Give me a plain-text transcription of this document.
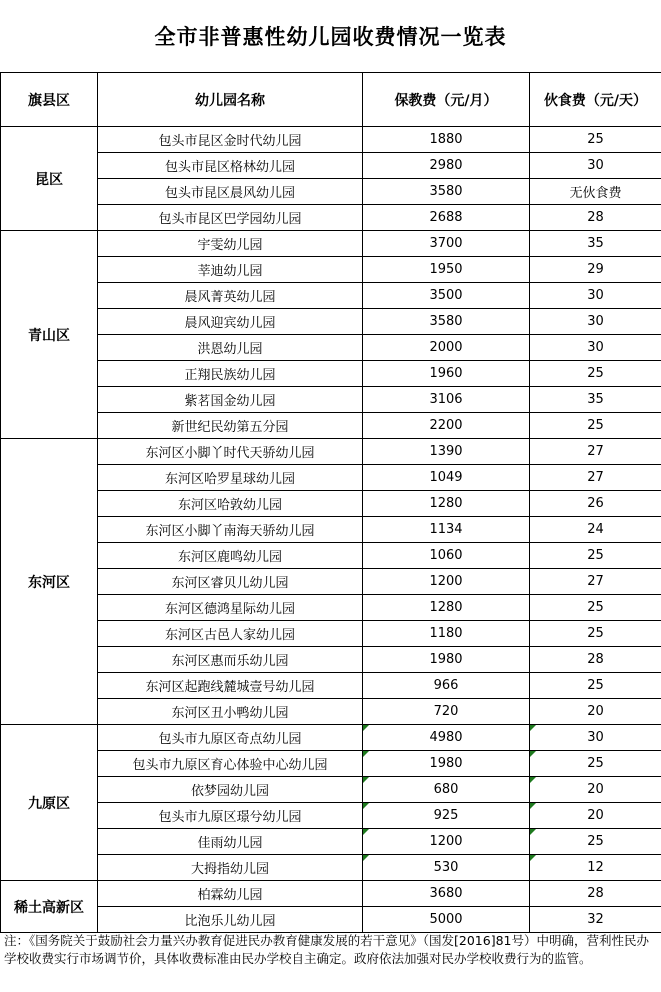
全市非普惠性幼儿园收费情况一览表
旗县区	幼儿园名称	保教费（元/月）	伙食费（元/天）
昆区	包头市昆区金时代幼儿园	1880	25
	包头市昆区格林幼儿园	2980	30
	包头市昆区晨风幼儿园	3580	无伙食费
	包头市昆区巴学园幼儿园	2688	28
青山区	宇雯幼儿园	3700	35
	莘迪幼儿园	1950	29
	晨风菁英幼儿园	3500	30
	晨风迎宾幼儿园	3580	30
	洪恩幼儿园	2000	30
	正翔民族幼儿园	1960	25
	紫茗国金幼儿园	3106	35
	新世纪民幼第五分园	2200	25
东河区	东河区小脚丫时代天骄幼儿园	1390	27
	东河区哈罗星球幼儿园	1049	27
	东河区哈敦幼儿园	1280	26
	东河区小脚丫南海天骄幼儿园	1134	24
	东河区鹿鸣幼儿园	1060	25
	东河区睿贝儿幼儿园	1200	27
	东河区德鸿星际幼儿园	1280	25
	东河区古邑人家幼儿园	1180	25
	东河区惠而乐幼儿园	1980	28
	东河区起跑线麓城壹号幼儿园	966	25
	东河区丑小鸭幼儿园	720	20
九原区	包头市九原区奇点幼儿园	4980	30
	包头市九原区育心体验中心幼儿园	1980	25
	依梦园幼儿园	680	20
	包头市九原区璟兮幼儿园	925	20
	佳雨幼儿园	1200	25
	大拇指幼儿园	530	12
稀土高新区	柏霖幼儿园	3680	28
	比泡乐儿幼儿园	5000	32
注：《国务院关于鼓励社会力量兴办教育促进民办教育健康发展的若干意见》（国发[2016]81号）中明确，营利性民办学校收费实行市场调节价，具体收费标准由民办学校自主确定。政府依法加强对民办学校收费行为的监管。
